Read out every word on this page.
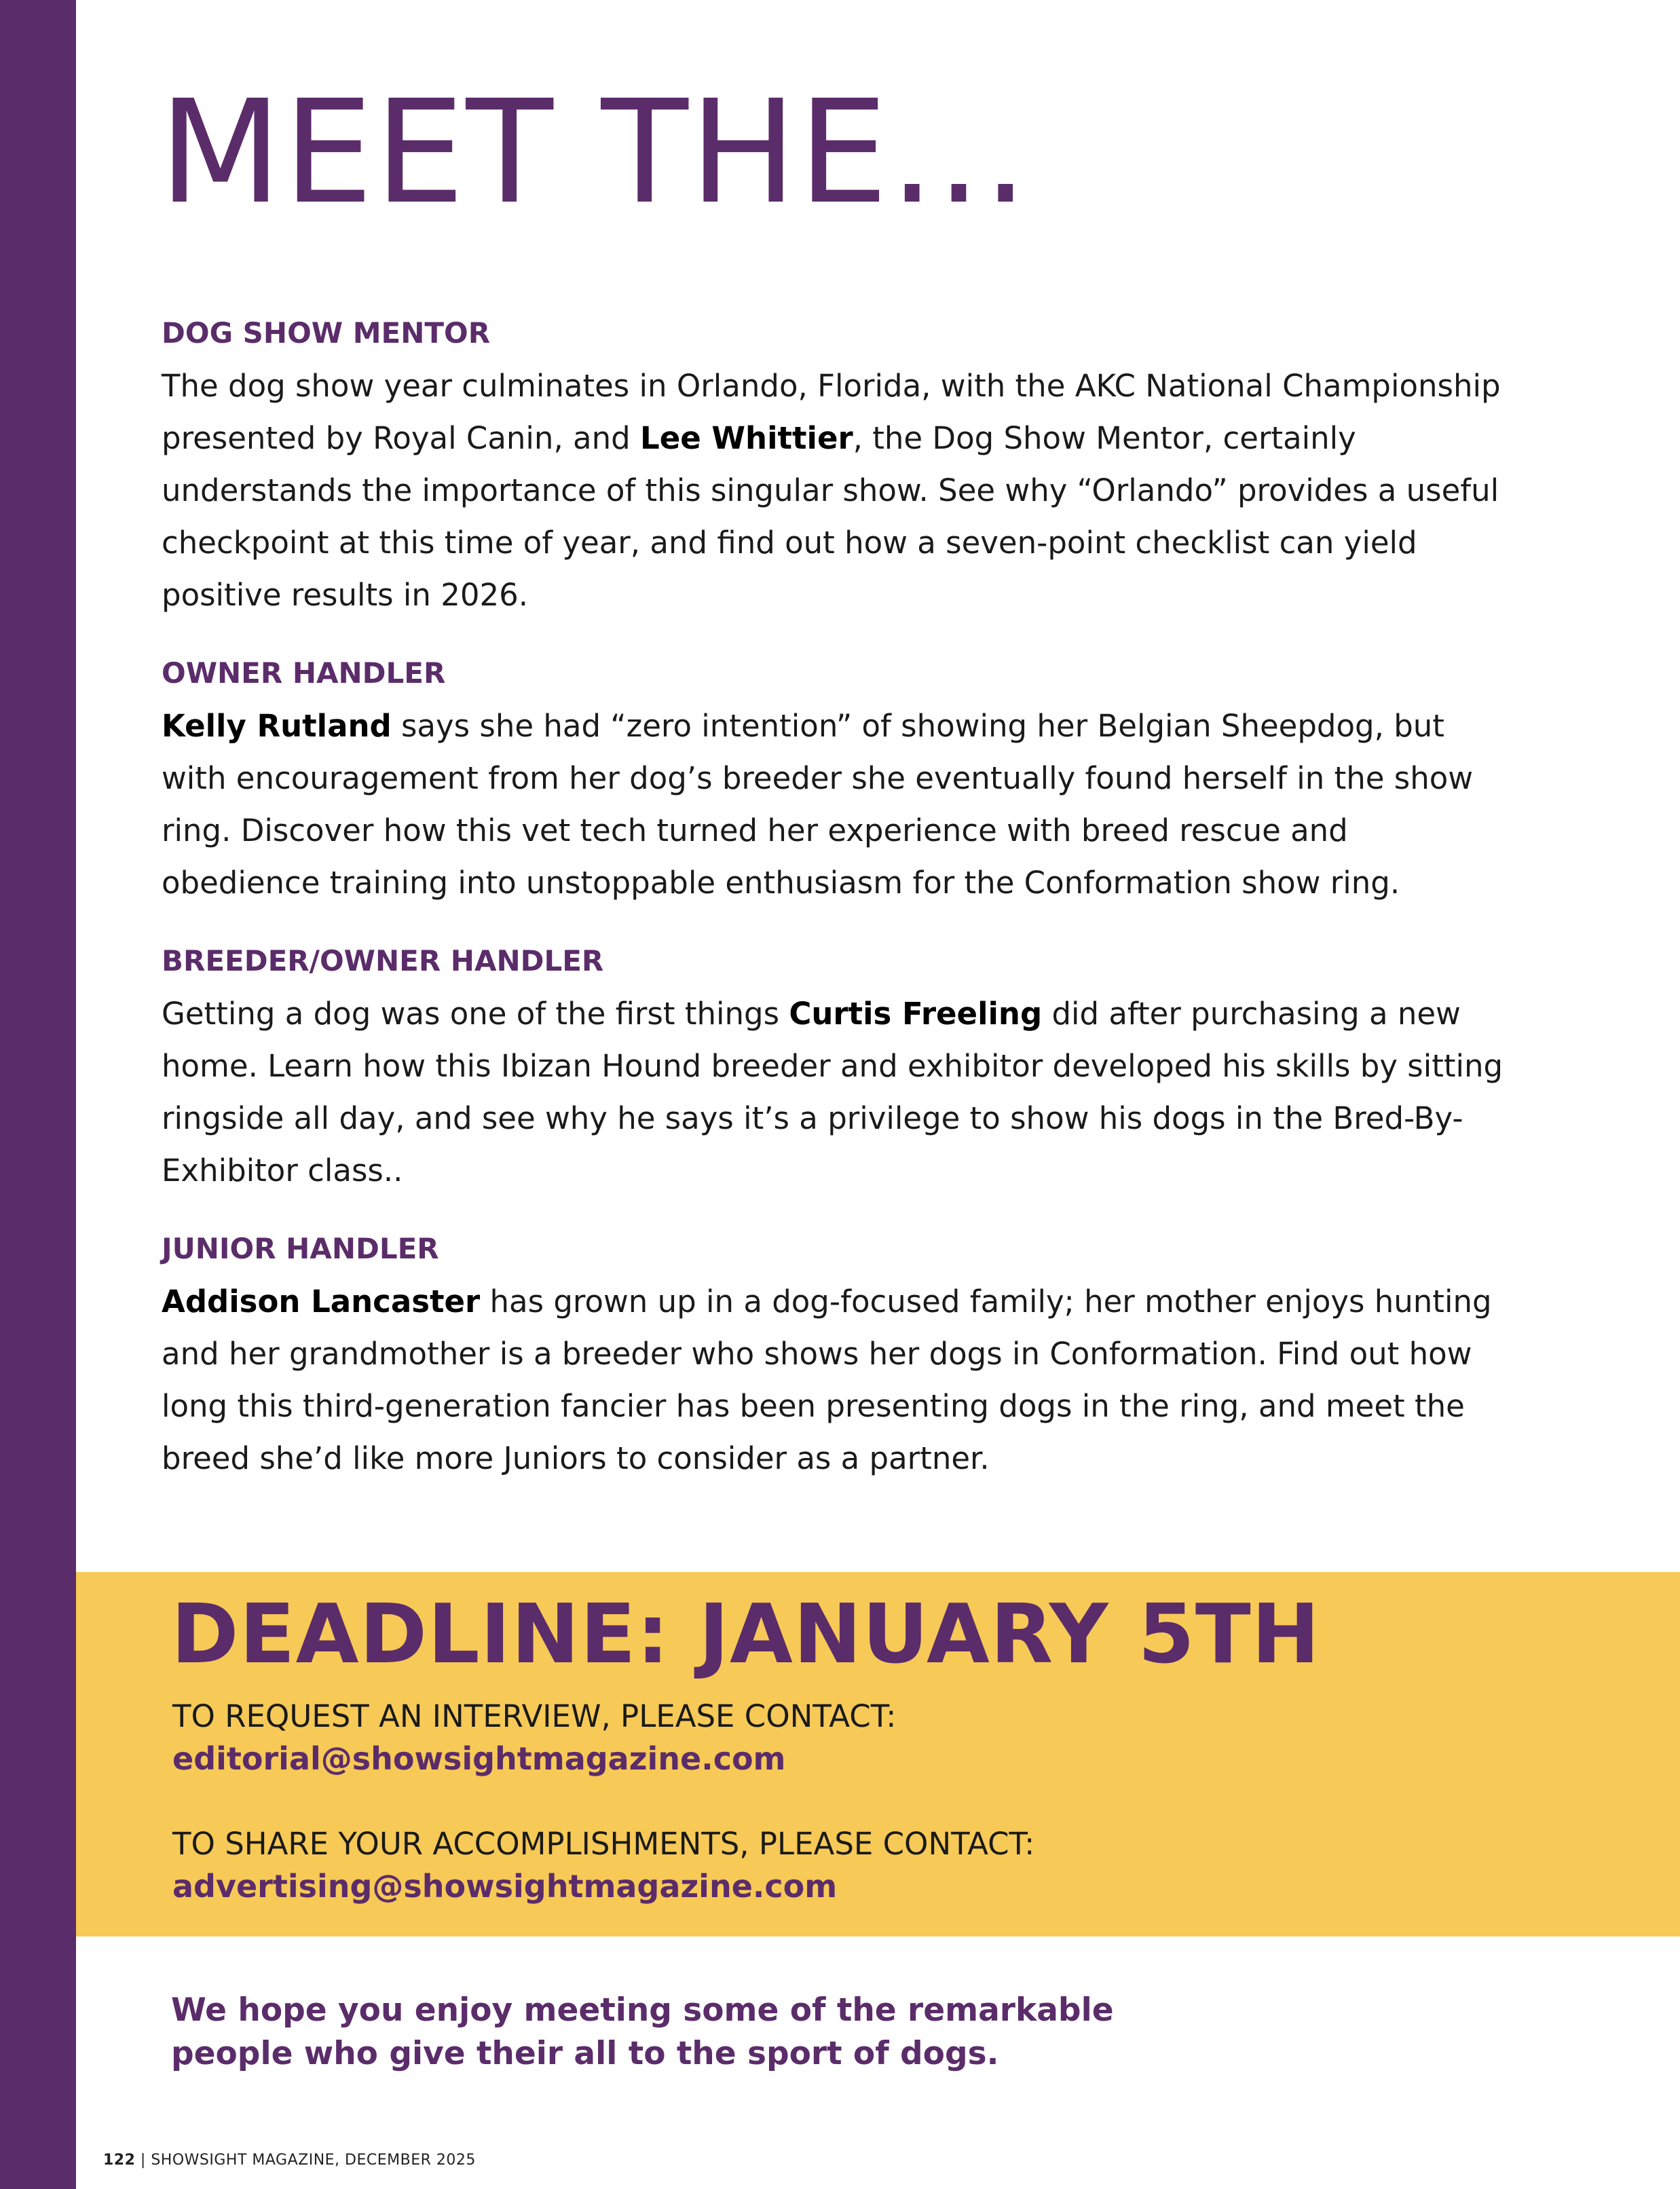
MEET THE...
DOG SHOW MENTOR

The dog show year culminates in Orlando, Florida, with the AKC National Championship presented by Royal Canin, and Lee Whittier, the Dog Show Mentor, certainly understands the importance of this singular show. See why “Orlando” provides a useful checkpoint at this time of year, and find out how a seven-point checklist can yield positive results in 2026.

OWNER HANDLER

Kelly Rutland says she had “zero intention” of showing her Belgian Sheepdog, but with encouragement from her dog’s breeder she eventually found herself in the show ring. Discover how this vet tech turned her experience with breed rescue and obedience training into unstoppable enthusiasm for the Conformation show ring.

BREEDER/OWNER HANDLER

Getting a dog was one of the first things Curtis Freeling did after purchasing a new home. Learn how this Ibizan Hound breeder and exhibitor developed his skills by sitting ringside all day, and see why he says it’s a privilege to show his dogs in the Bred-By-Exhibitor class..

JUNIOR HANDLER

Addison Lancaster has grown up in a dog-focused family; her mother enjoys hunting and her grandmother is a breeder who shows her dogs in Conformation. Find out how long this third-generation fancier has been presenting dogs in the ring, and meet the breed she’d like more Juniors to consider as a partner.

DEADLINE: JANUARY 5TH
TO REQUEST AN INTERVIEW, PLEASE CONTACT:
editorial@showsightmagazine.com
TO SHARE YOUR ACCOMPLISHMENTS, PLEASE CONTACT:
advertising@showsightmagazine.com

We hope you enjoy meeting some of the remarkable
people who give their all to the sport of dogs.

122 | SHOWSIGHT MAGAZINE, DECEMBER 2025
